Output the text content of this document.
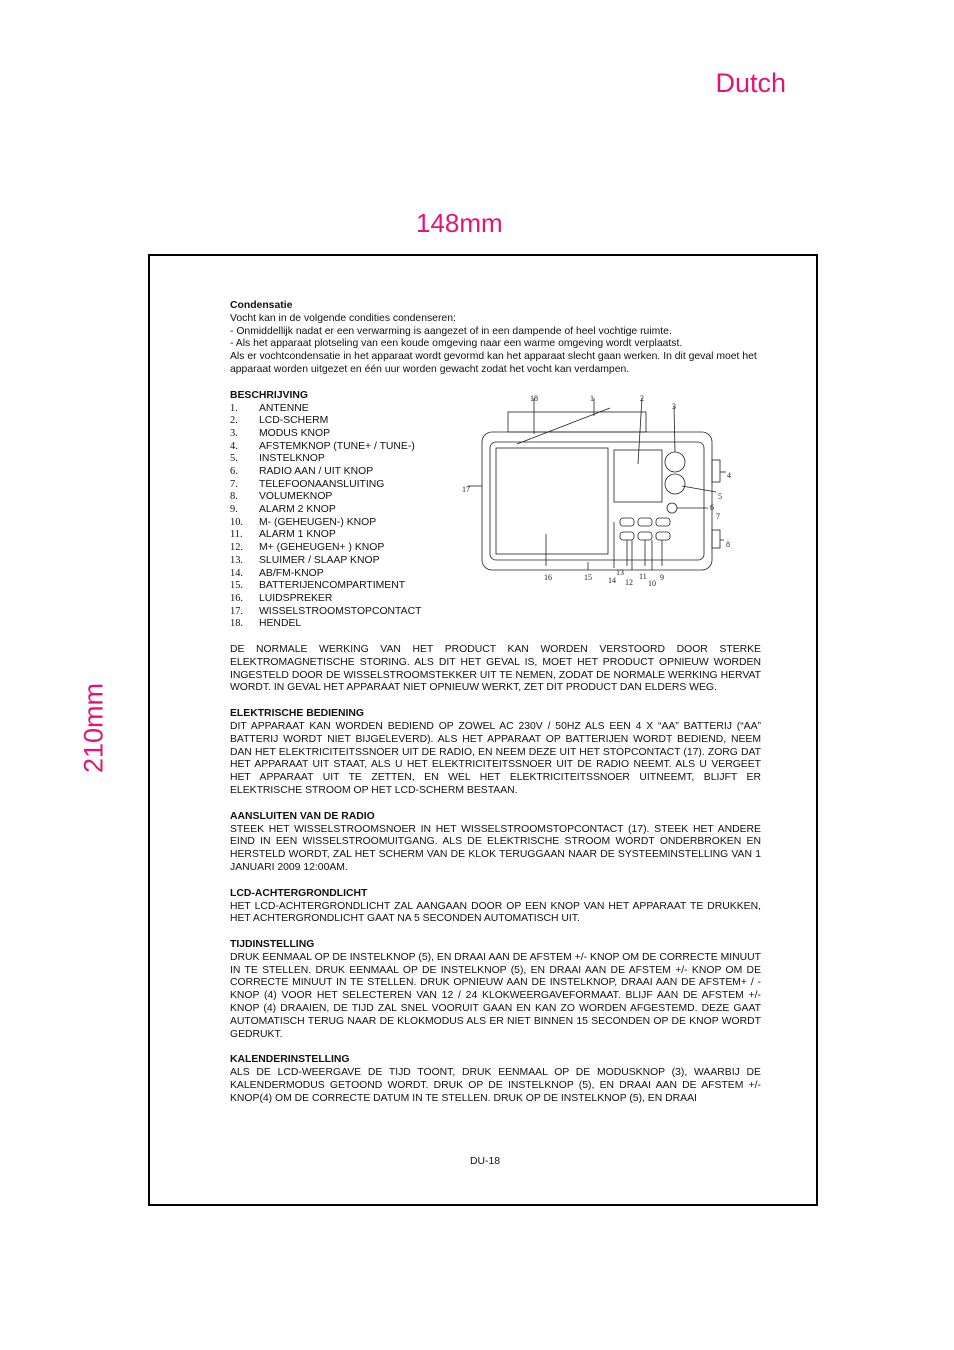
Dutch
148mm
210mm
DU-18
Condensatie
Vocht kan in de volgende condities condenseren:
- Onmiddellijk nadat er een verwarming is aangezet of in een dampende of heel vochtige ruimte.
- Als het apparaat plotseling van een koude omgeving naar een warme omgeving wordt verplaatst.
Als er vochtcondensatie in het apparaat wordt gevormd kan het apparaat slecht gaan werken. In dit geval moet het apparaat worden uitgezet en één uur worden gewacht zodat het vocht kan verdampen.
BESCHRIJVING
1.	ANTENNE
2.	LCD-SCHERM
3.	MODUS KNOP
4.	AFSTEMKNOP (TUNE+ / TUNE-)
5.	INSTELKNOP
6.	RADIO AAN / UIT KNOP
7.	TELEFOONAANSLUITING
8.	VOLUMEKNOP
9.	ALARM 2 KNOP
10.	M- (GEHEUGEN-) KNOP
11.	ALARM 1 KNOP
12.	M+ (GEHEUGEN+ ) KNOP
13.	SLUIMER / SLAAP KNOP
14.	AB/FM-KNOP
15.	BATTERIJENCOMPARTIMENT
16.	LUIDSPREKER
17.	WISSELSTROOMSTOPCONTACT
18.	HENDEL
18	1	2
3
4
5
6
7
8
17
16	15 14
13
12
11
10
9
DE NORMALE WERKING VAN HET PRODUCT KAN WORDEN VERSTOORD DOOR STERKE ELEKTROMAGNETISCHE STORING. ALS DIT HET GEVAL IS, MOET HET PRODUCT OPNIEUW WORDEN INGESTELD DOOR DE WISSELSTROOMSTEKKER UIT TE NEMEN, ZODAT DE NORMALE WERKING HERVAT WORDT. IN GEVAL HET APPARAAT NIET OPNIEUW WERKT, ZET DIT PRODUCT DAN ELDERS WEG.
ELEKTRISCHE BEDIENING
DIT APPARAAT KAN WORDEN BEDIEND OP ZOWEL AC 230V / 50HZ ALS EEN 4 X “AA” BATTERIJ (“AA” BATTERIJ WORDT NIET BIJGELEVERD). ALS HET APPARAAT OP BATTERIJEN WORDT BEDIEND, NEEM DAN HET ELEKTRICITEITSSNOER UIT DE RADIO, EN NEEM DEZE UIT HET STOPCONTACT (17). ZORG DAT HET APPARAAT UIT STAAT, ALS U HET ELEKTRICITEITSSNOER UIT DE RADIO NEEMT. ALS U VERGEET HET APPARAAT UIT TE ZETTEN, EN WEL HET ELEKTRICITEITSSNOER UITNEEMT, BLIJFT ER ELEKTRISCHE STROOM OP HET LCD-SCHERM BESTAAN.
AANSLUITEN VAN DE RADIO
STEEK HET WISSELSTROOMSNOER IN HET WISSELSTROOMSTOPCONTACT (17). STEEK HET ANDERE EIND IN EEN WISSELSTROOMUITGANG. ALS DE ELEKTRISCHE STROOM WORDT ONDERBROKEN EN HERSTELD WORDT, ZAL HET SCHERM VAN DE KLOK TERUGGAAN NAAR DE SYSTEEMINSTELLING VAN 1 JANUARI 2009 12:00AM.
LCD-ACHTERGRONDLICHT
HET LCD-ACHTERGRONDLICHT ZAL AANGAAN DOOR OP EEN KNOP VAN HET APPARAAT TE DRUKKEN, HET ACHTERGRONDLICHT GAAT NA 5 SECONDEN AUTOMATISCH UIT.
TIJDINSTELLING
DRUK EENMAAL OP DE INSTELKNOP (5), EN DRAAI AAN DE AFSTEM +/- KNOP OM DE CORRECTE MINUUT IN TE STELLEN. DRUK EENMAAL OP DE INSTELKNOP (5), EN DRAAI AAN DE AFSTEM +/- KNOP OM DE CORRECTE MINUUT IN TE STELLEN. DRUK OPNIEUW AAN DE INSTELKNOP, DRAAI AAN DE AFSTEM+ / - KNOP (4) VOOR HET SELECTEREN VAN 12 / 24 KLOKWEERGAVEFORMAAT. BLIJF AAN DE AFSTEM +/- KNOP (4) DRAAIEN, DE TIJD ZAL SNEL VOORUIT GAAN EN KAN ZO WORDEN AFGESTEMD. DEZE GAAT AUTOMATISCH TERUG NAAR DE KLOKMODUS ALS ER NIET BINNEN 15 SECONDEN OP DE KNOP WORDT GEDRUKT.
KALENDERINSTELLING
ALS DE LCD-WEERGAVE DE TIJD TOONT, DRUK EENMAAL OP DE MODUSKNOP (3), WAARBIJ DE KALENDERMODUS GETOOND WORDT. DRUK OP DE INSTELKNOP (5), EN DRAAI AAN DE AFSTEM +/- KNOP(4) OM DE CORRECTE DATUM IN TE STELLEN. DRUK OP DE INSTELKNOP (5), EN DRAAI
